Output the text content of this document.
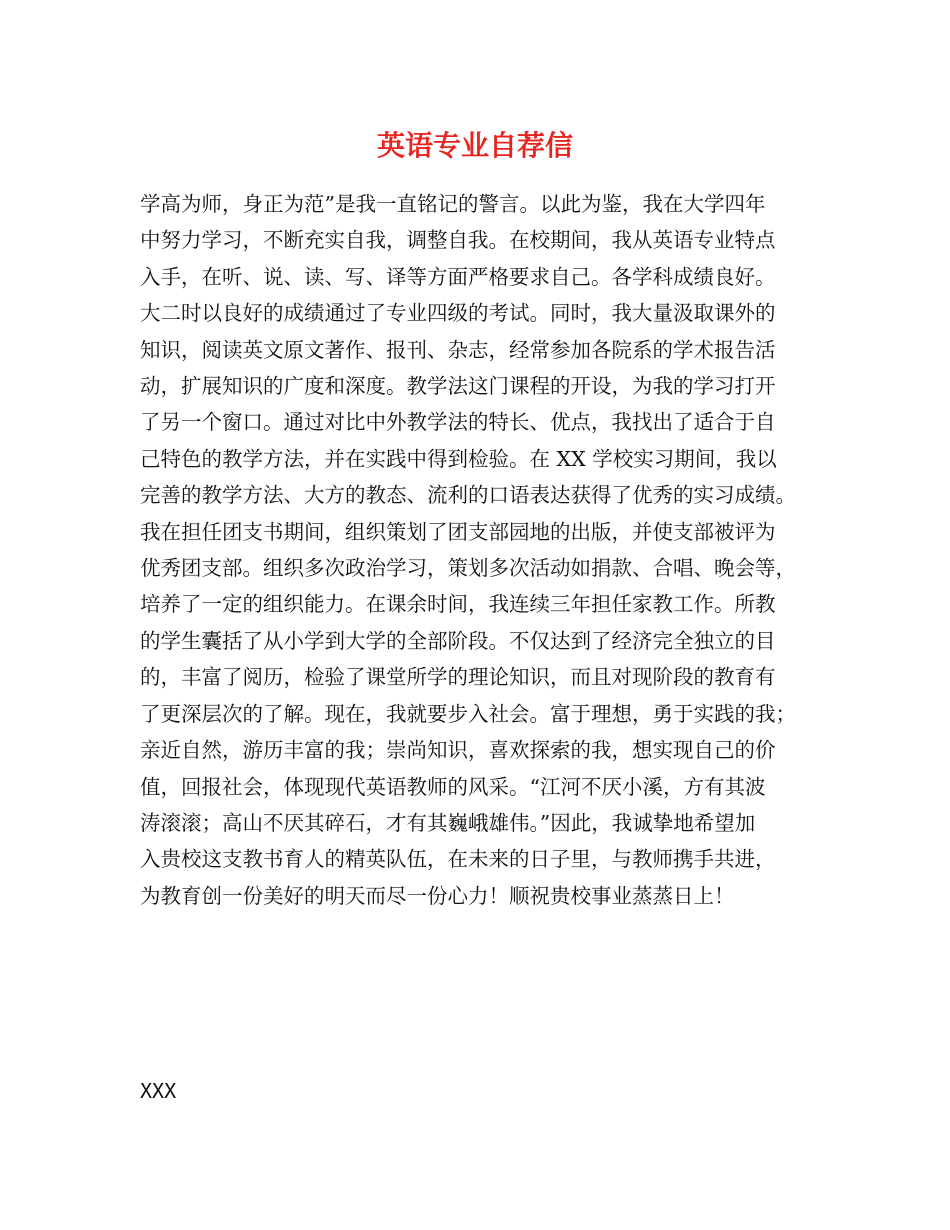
英语专业自荐信
学高为师，身正为范”是我一直铭记的警言。以此为鉴，我在大学四年
中努力学习，不断充实自我，调整自我。在校期间，我从英语专业特点
入手，在听、说、读、写、译等方面严格要求自己。各学科成绩良好。
大二时以良好的成绩通过了专业四级的考试。同时，我大量汲取课外的
知识，阅读英文原文著作、报刊、杂志，经常参加各院系的学术报告活
动，扩展知识的广度和深度。教学法这门课程的开设，为我的学习打开
了另一个窗口。通过对比中外教学法的特长、优点，我找出了适合于自
己特色的教学方法，并在实践中得到检验。在 XX 学校实习期间，我以
完善的教学方法、大方的教态、流利的口语表达获得了优秀的实习成绩。
我在担任团支书期间，组织策划了团支部园地的出版，并使支部被评为
优秀团支部。组织多次政治学习，策划多次活动如捐款、合唱、晚会等，
培养了一定的组织能力。在课余时间，我连续三年担任家教工作。所教
的学生囊括了从小学到大学的全部阶段。不仅达到了经济完全独立的目
的，丰富了阅历，检验了课堂所学的理论知识，而且对现阶段的教育有
了更深层次的了解。现在，我就要步入社会。富于理想，勇于实践的我；
亲近自然，游历丰富的我；崇尚知识，喜欢探索的我，想实现自己的价
值，回报社会，体现现代英语教师的风采。“江河不厌小溪，方有其波
涛滚滚；高山不厌其碎石，才有其巍峨雄伟。”因此，我诚挚地希望加
入贵校这支教书育人的精英队伍，在未来的日子里，与教师携手共进，
为教育创一份美好的明天而尽一份心力！顺祝贵校事业蒸蒸日上！
XXX
